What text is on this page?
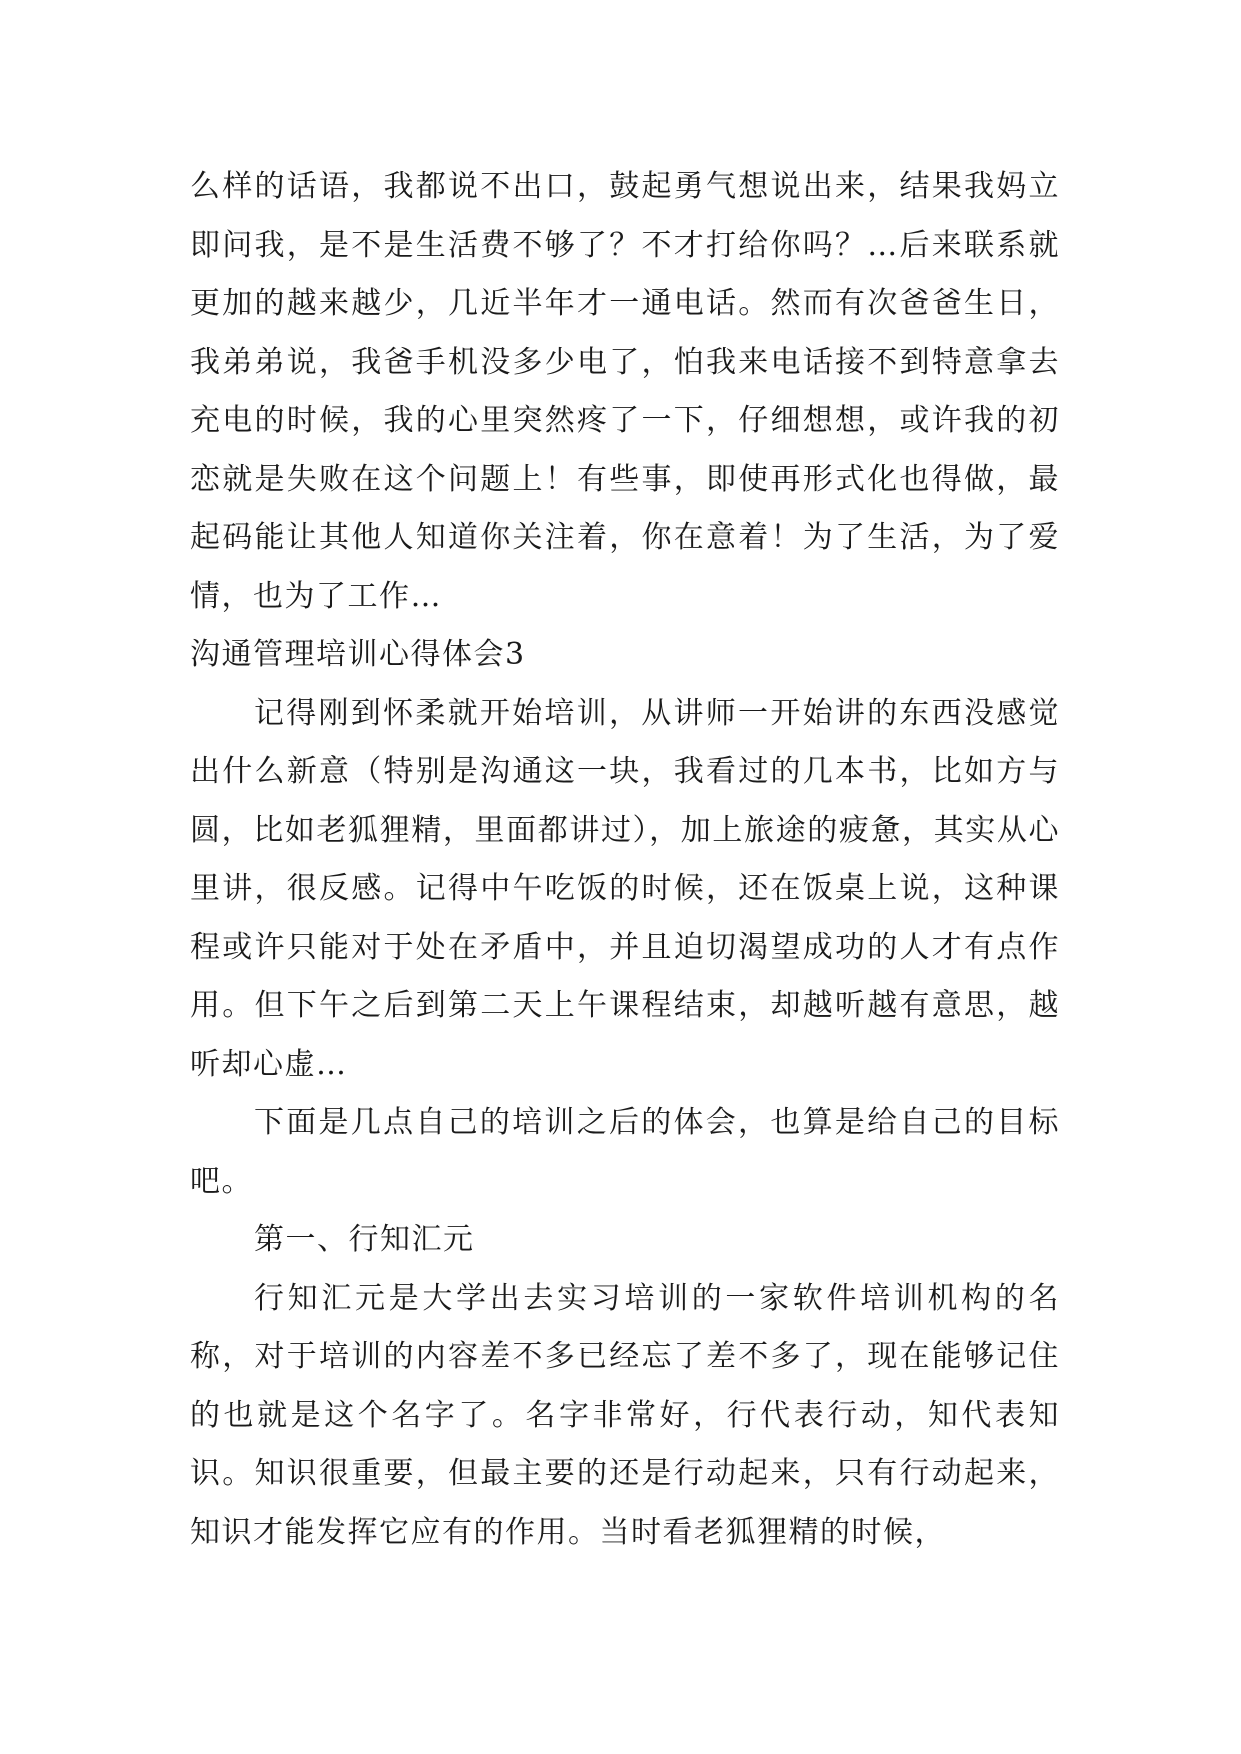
么样的话语，我都说不出口，鼓起勇气想说出来，结果我妈立即问我，是不是生活费不够了？不才打给你吗？…后来联系就更加的越来越少，几近半年才一通电话。然而有次爸爸生日，我弟弟说，我爸手机没多少电了，怕我来电话接不到特意拿去充电的时候，我的心里突然疼了一下，仔细想想，或许我的初恋就是失败在这个问题上！有些事，即使再形式化也得做，最起码能让其他人知道你关注着，你在意着！为了生活，为了爱情，也为了工作…

沟通管理培训心得体会3

记得刚到怀柔就开始培训，从讲师一开始讲的东西没感觉出什么新意（特别是沟通这一块，我看过的几本书，比如方与圆，比如老狐狸精，里面都讲过），加上旅途的疲惫，其实从心里讲，很反感。记得中午吃饭的时候，还在饭桌上说，这种课程或许只能对于处在矛盾中，并且迫切渴望成功的人才有点作用。但下午之后到第二天上午课程结束，却越听越有意思，越听却心虚…

下面是几点自己的培训之后的体会，也算是给自己的目标吧。

第一、行知汇元

行知汇元是大学出去实习培训的一家软件培训机构的名称，对于培训的内容差不多已经忘了差不多了，现在能够记住的也就是这个名字了。名字非常好，行代表行动，知代表知识。知识很重要，但最主要的还是行动起来，只有行动起来，知识才能发挥它应有的作用。当时看老狐狸精的时候，
